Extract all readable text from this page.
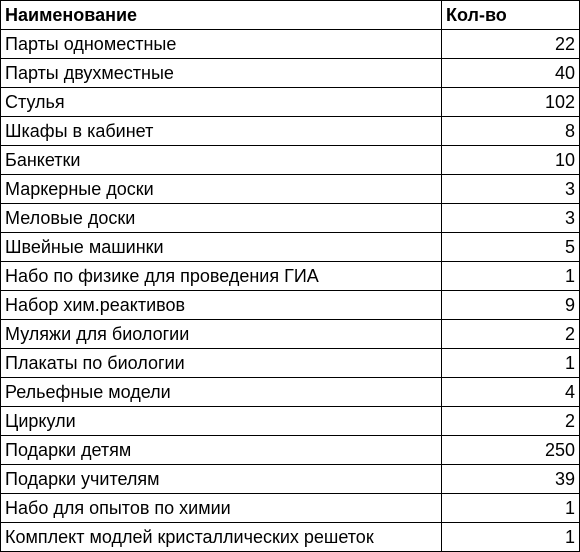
Наименование	Кол-во
Парты одноместные	22
Парты двухместные	40
Стулья	102
Шкафы в кабинет	8
Банкетки	10
Маркерные доски	3
Меловые доски	3
Швейные машинки	5
Набо по физике для проведения ГИА	1
Набор хим.реактивов	9
Муляжи для биологии	2
Плакаты по биологии	1
Рельефные модели	4
Циркули	2
Подарки детям	250
Подарки учителям	39
Набо для опытов по химии	1
Комплект модлей кристаллических решеток	1
